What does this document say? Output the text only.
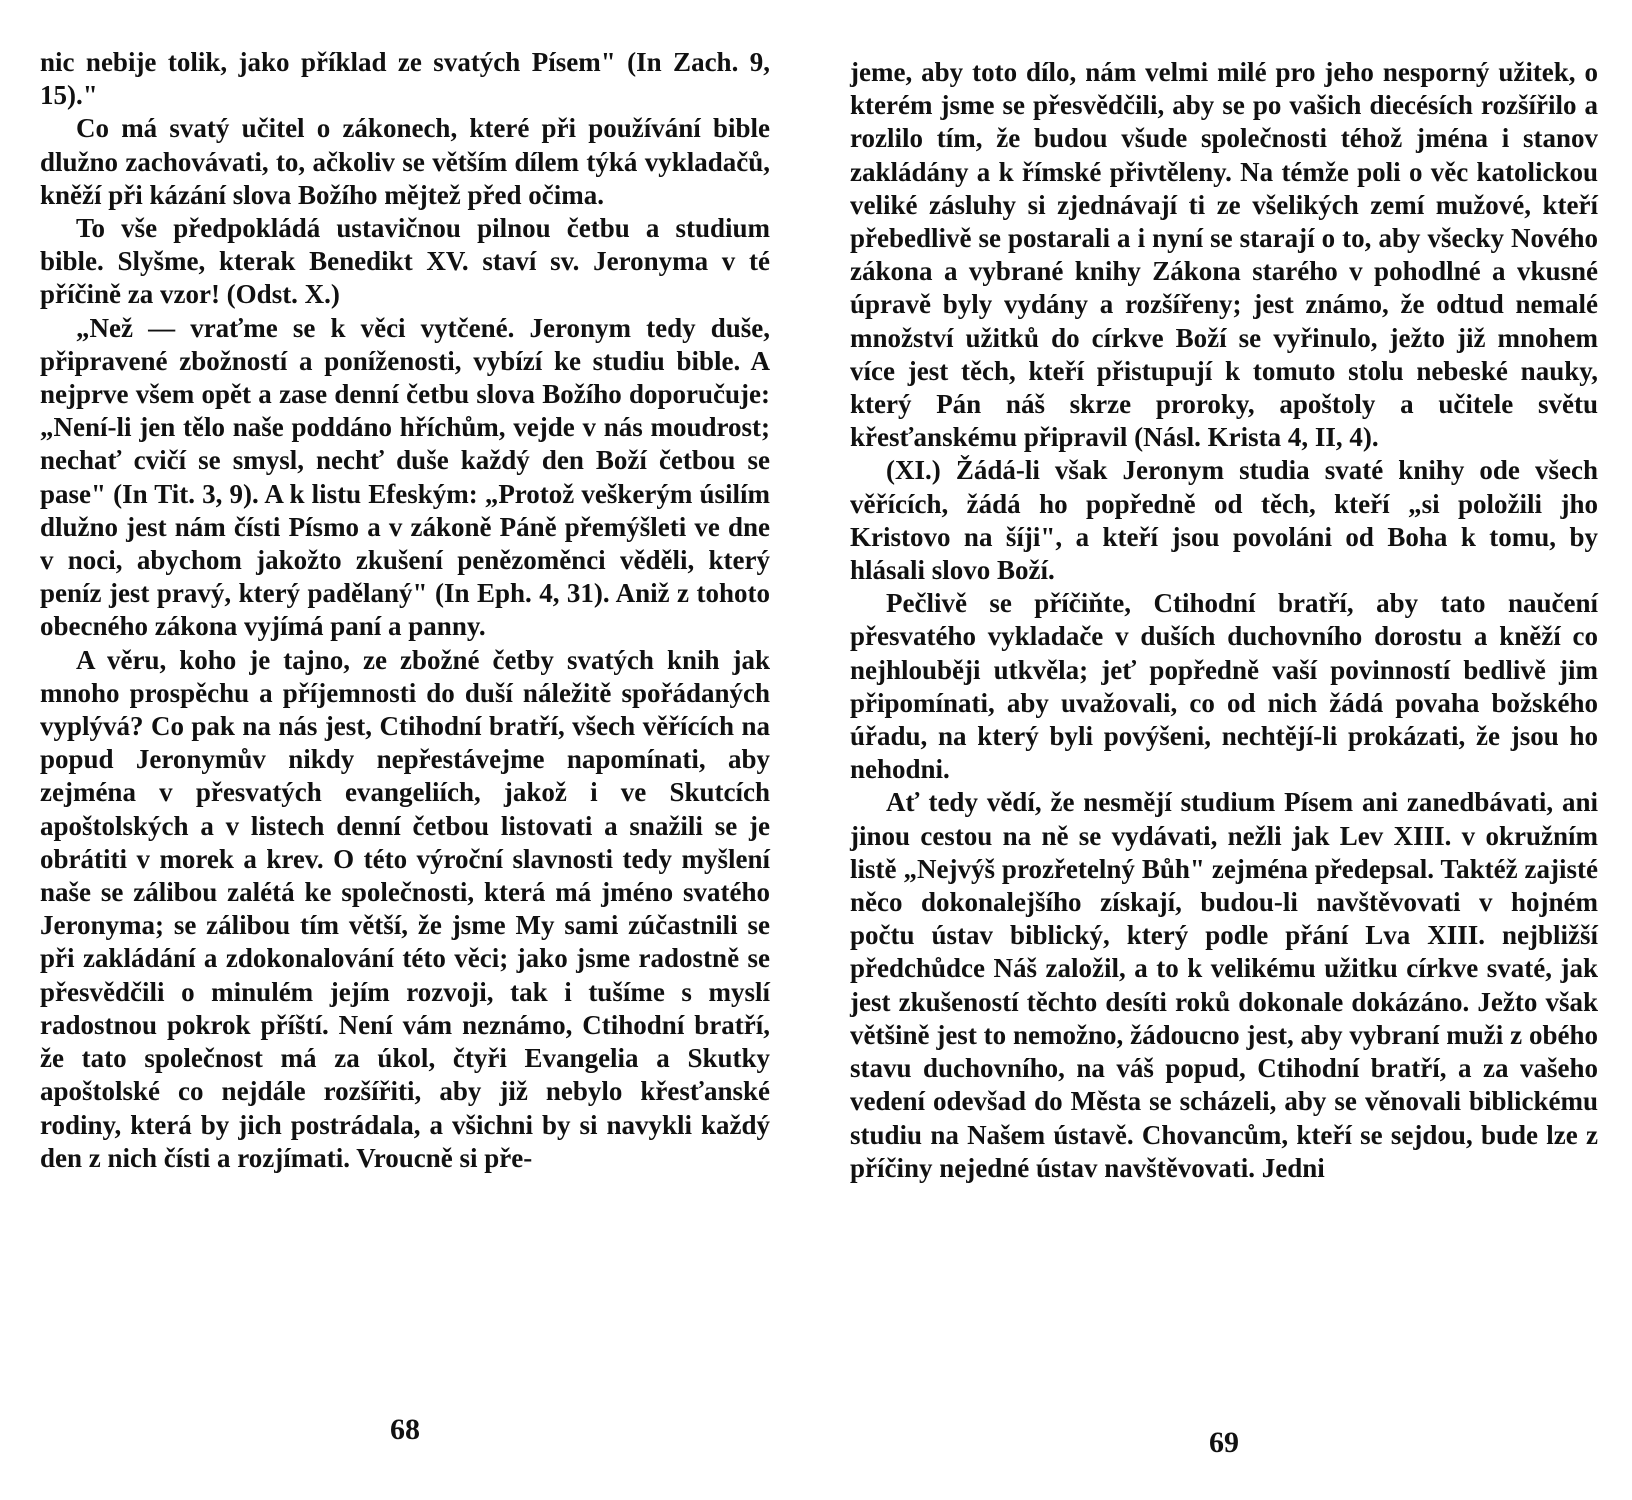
nic nebije tolik, jako příklad ze svatých Písem" (In Zach. 9, 15)."

Co má svatý učitel o zákonech, které při používání bible dlužno zachovávati, to, ačkoliv se větším dílem týká vykladačů, kněží při kázání slova Božího mějtež před očima.

To vše předpokládá ustavičnou pilnou četbu a studium bible. Slyšme, kterak Benedikt XV. staví sv. Jeronyma v té příčině za vzor! (Odst. X.)

„Než — vraťme se k věci vytčené. Jeronym tedy duše, připravené zbožností a poníženosti, vybízí ke studiu bible. A nejprve všem opět a zase denní četbu slova Božího doporučuje: „Není-li jen tělo naše poddáno hříchům, vejde v nás moudrost; nechať cvičí se smysl, nechť duše každý den Boží četbou se pase" (In Tit. 3, 9). A k listu Efeským: „Protož veškerým úsilím dlužno jest nám čísti Písmo a v zákoně Páně přemýšleti ve dne v noci, abychom jakožto zkušení penězoměnci věděli, který peníz jest pravý, který padělaný" (In Eph. 4, 31). Aniž z tohoto obecného zákona vyjímá paní a panny.

A věru, koho je tajno, ze zbožné četby svatých knih jak mnoho prospěchu a příjemnosti do duší náležitě spořádaných vyplývá? Co pak na nás jest, Ctihodní bratří, všech věřících na popud Jeronymův nikdy nepřestávejme napomínati, aby zejména v přesvatých evangeliích, jakož i ve Skutcích apoštolských a v listech denní četbou listovati a snažili se je obrátiti v morek a krev. O této výroční slavnosti tedy myšlení naše se zálibou zalétá ke společnosti, která má jméno svatého Jeronyma; se zálibou tím větší, že jsme My sami zúčastnili se při zakládání a zdokonalování této věci; jako jsme radostně se přesvědčili o minulém jejím rozvoji, tak i tušíme s myslí radostnou pokrok příští. Není vám neznámo, Ctihodní bratří, že tato společnost má za úkol, čtyři Evangelia a Skutky apoštolské co nejdále rozšířiti, aby již nebylo křesťanské rodiny, která by jich postrádala, a všichni by si navykli každý den z nich čísti a rozjímati. Vroucně si pře-

68

jeme, aby toto dílo, nám velmi milé pro jeho nesporný užitek, o kterém jsme se přesvědčili, aby se po vašich diecésích rozšířilo a rozlilo tím, že budou všude společnosti téhož jména i stanov zakládány a k římské přivtěleny. Na témže poli o věc katolickou veliké zásluhy si zjednávají ti ze všelikých zemí mužové, kteří přebedlivě se postarali a i nyní se starají o to, aby všecky Nového zákona a vybrané knihy Zákona starého v pohodlné a vkusné úpravě byly vydány a rozšířeny; jest známo, že odtud nemalé množství užitků do církve Boží se vyřinulo, ježto již mnohem více jest těch, kteří přistupují k tomuto stolu nebeské nauky, který Pán náš skrze proroky, apoštoly a učitele světu křesťanskému připravil (Násl. Krista 4, II, 4).

(XI.) Žádá-li však Jeronym studia svaté knihy ode všech věřících, žádá ho popředně od těch, kteří „si položili jho Kristovo na šíji", a kteří jsou povoláni od Boha k tomu, by hlásali slovo Boží.

Pečlivě se příčiňte, Ctihodní bratří, aby tato naučení přesvatého vykladače v duších duchovního dorostu a kněží co nejhlouběji utkvěla; jeť popředně vaší povinností bedlivě jim připomínati, aby uvažovali, co od nich žádá povaha božského úřadu, na který byli povýšeni, nechtějí-li prokázati, že jsou ho nehodni.

Ať tedy vědí, že nesmějí studium Písem ani zanedbávati, ani jinou cestou na ně se vydávati, nežli jak Lev XIII. v okružním listě „Nejvýš prozřetelný Bůh" zejména předepsal. Taktéž zajisté něco dokonalejšího získají, budou-li navštěvovati v hojném počtu ústav biblický, který podle přání Lva XIII. nejbližší předchůdce Náš založil, a to k velikému užitku církve svaté, jak jest zkušeností těchto desíti roků dokonale dokázáno. Ježto však většině jest to nemožno, žádoucno jest, aby vybraní muži z obého stavu duchovního, na váš popud, Ctihodní bratří, a za vašeho vedení odevšad do Města se scházeli, aby se věnovali biblickému studiu na Našem ústavě. Chovancům, kteří se sejdou, bude lze z příčiny nejedné ústav navštěvovati. Jedni

69
